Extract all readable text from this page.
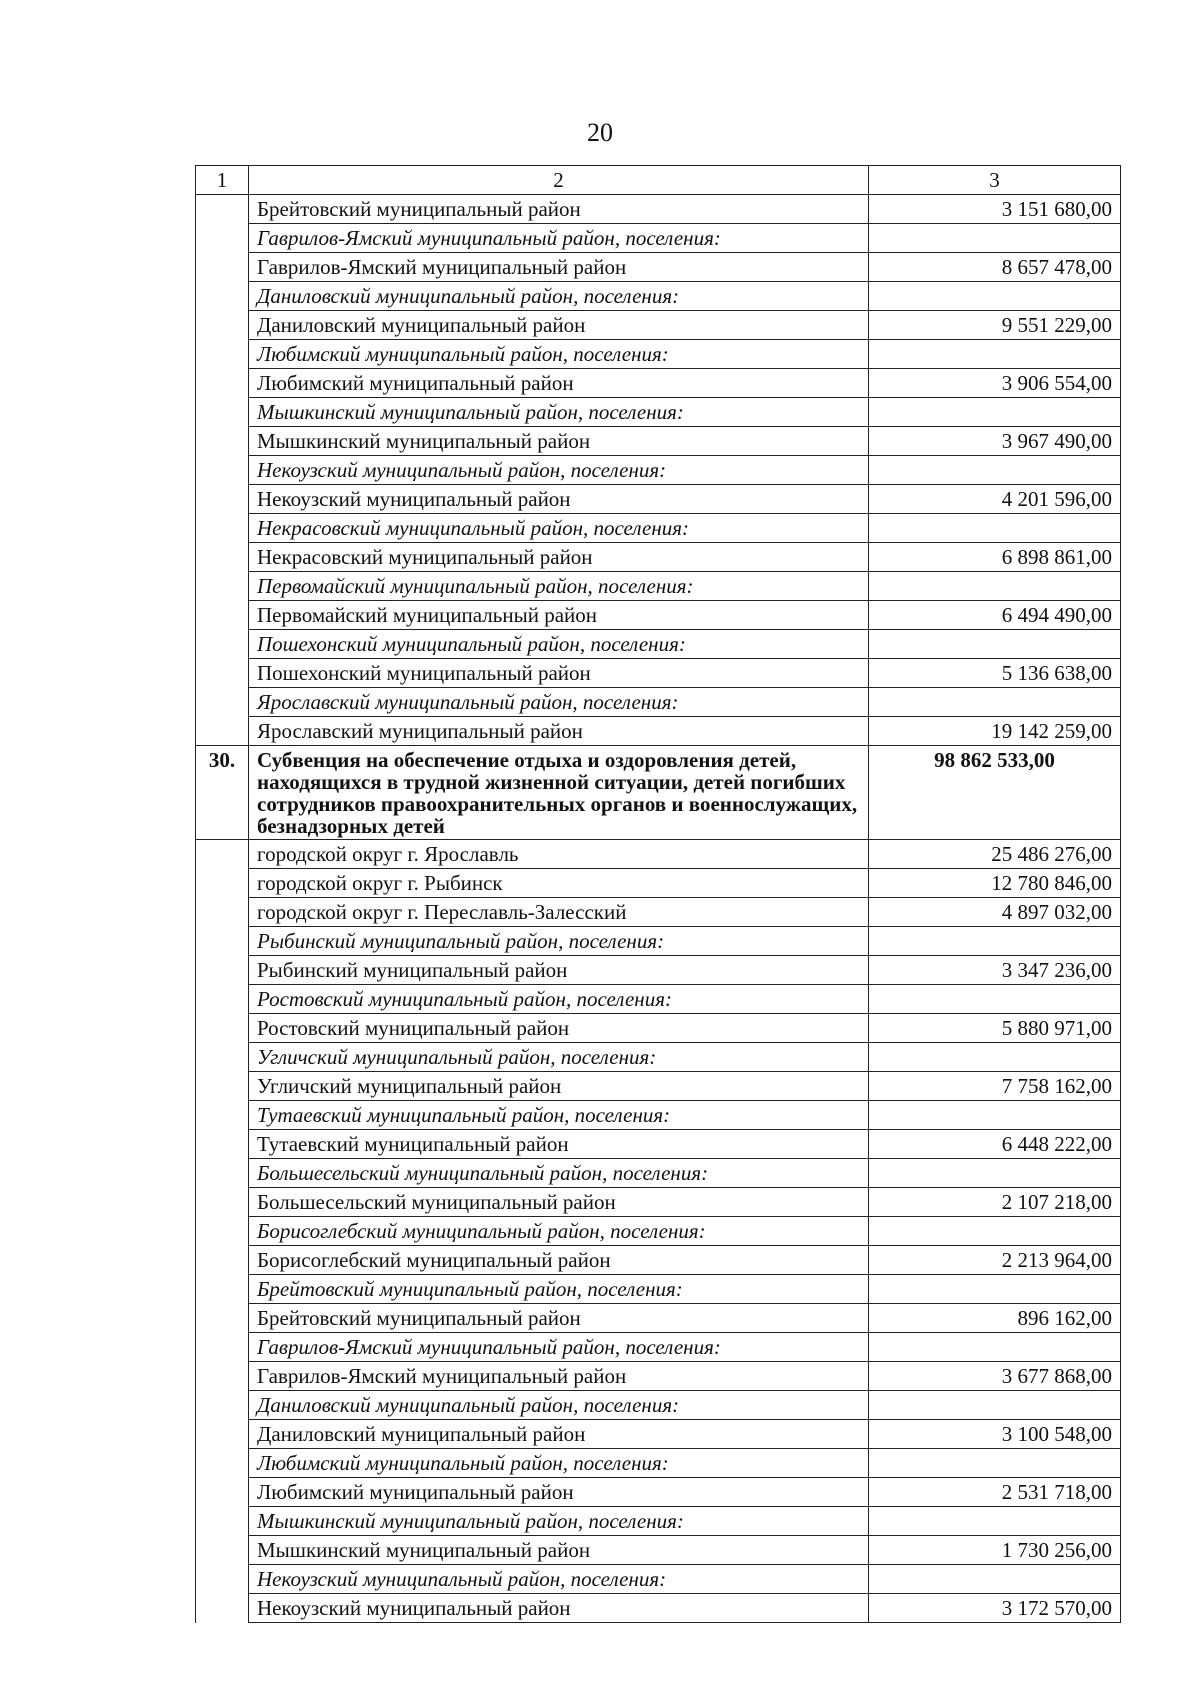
20
1	2	3
	Брейтовский муниципальный район	3 151 680,00
	Гаврилов-Ямский муниципальный район, поселения:	
	Гаврилов-Ямский муниципальный район	8 657 478,00
	Даниловский муниципальный район, поселения:	
	Даниловский муниципальный район	9 551 229,00
	Любимский муниципальный район, поселения:	
	Любимский муниципальный район	3 906 554,00
	Мышкинский муниципальный район, поселения:	
	Мышкинский муниципальный район	3 967 490,00
	Некоузский муниципальный район, поселения:	
	Некоузский муниципальный район	4 201 596,00
	Некрасовский муниципальный район, поселения:	
	Некрасовский муниципальный район	6 898 861,00
	Первомайский муниципальный район, поселения:	
	Первомайский муниципальный район	6 494 490,00
	Пошехонский муниципальный район, поселения:	
	Пошехонский муниципальный район	5 136 638,00
	Ярославский муниципальный район, поселения:	
	Ярославский муниципальный район	19 142 259,00
30.	Субвенция на обеспечение отдыха и оздоровления детей, находящихся в трудной жизненной ситуации, детей погибших сотрудников правоохранительных органов и военнослужащих, безнадзорных детей	98 862 533,00
	городской округ г. Ярославль	25 486 276,00
	городской округ г. Рыбинск	12 780 846,00
	городской округ г. Переславль-Залесский	4 897 032,00
	Рыбинский муниципальный район, поселения:	
	Рыбинский муниципальный район	3 347 236,00
	Ростовский муниципальный район, поселения:	
	Ростовский муниципальный район	5 880 971,00
	Угличский муниципальный район, поселения:	
	Угличский муниципальный район	7 758 162,00
	Тутаевский муниципальный район, поселения:	
	Тутаевский муниципальный район	6 448 222,00
	Большесельский муниципальный район, поселения:	
	Большесельский муниципальный район	2 107 218,00
	Борисоглебский муниципальный район, поселения:	
	Борисоглебский муниципальный район	2 213 964,00
	Брейтовский муниципальный район, поселения:	
	Брейтовский муниципальный район	896 162,00
	Гаврилов-Ямский муниципальный район, поселения:	
	Гаврилов-Ямский муниципальный район	3 677 868,00
	Даниловский муниципальный район, поселения:	
	Даниловский муниципальный район	3 100 548,00
	Любимский муниципальный район, поселения:	
	Любимский муниципальный район	2 531 718,00
	Мышкинский муниципальный район, поселения:	
	Мышкинский муниципальный район	1 730 256,00
	Некоузский муниципальный район, поселения:	
	Некоузский муниципальный район	3 172 570,00
